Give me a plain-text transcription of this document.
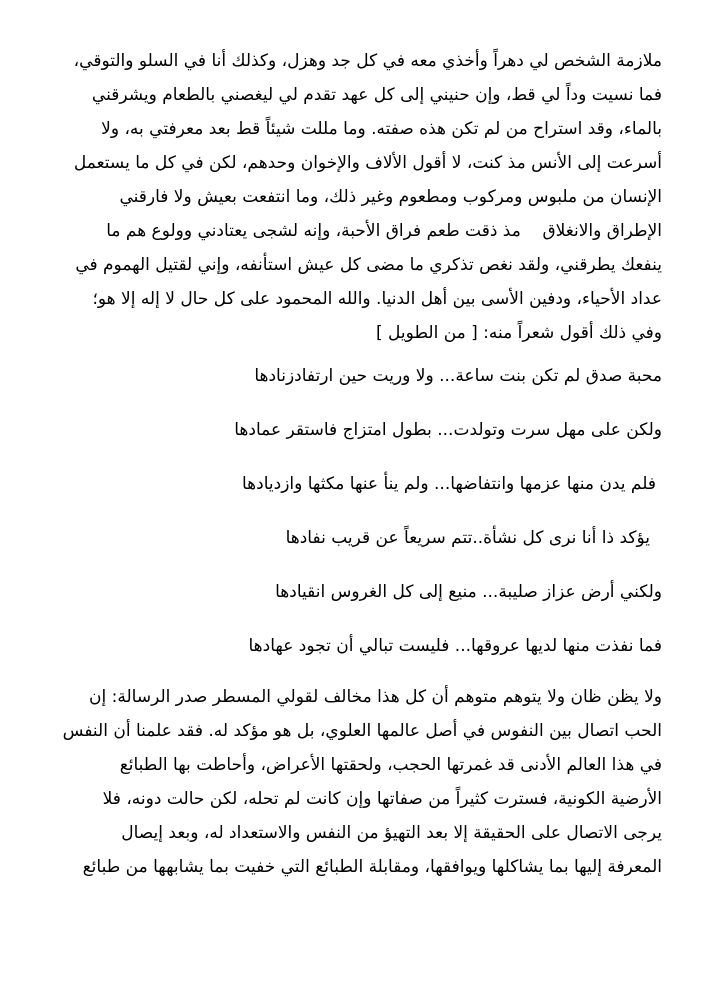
ملازمة الشخص لي دهراً وأخذي معه في كل جد وهزل، وكذلك أنا في السلو والتوقي،
فما نسيت وداً لي قط، وإن حنيني إلى كل عهد تقدم لي ليغصني بالطعام ويشرقني
بالماء، وقد استراح من لم تكن هذه صفته. وما مللت شيئاً قط بعد معرفتي به، ولا
أسرعت إلى الأنس مذ كنت، لا أقول الألاف والإخوان وحدهم، لكن في كل ما يستعمل
الإنسان من ملبوس ومركوب ومطعوم وغير ذلك، وما انتفعت بعيش ولا فارقني
الإطراق والانغلاق    مذ ذقت طعم فراق الأحبة، وإنه لشجى يعتادني وولوع هم ما
ينفعك يطرقني، ولقد نغص تذكري ما مضى كل عيش استأنفه، وإني لقتيل الهموم في
عداد الأحياء، ودفين الأسى بين أهل الدنيا. والله المحمود على كل حال لا إله إلا هو؛
وفي ذلك أقول شعراً منه: [ من الطويل ]

محبة صدق لم تكن بنت ساعة... ولا وريت حين ارتفادزنادها
ولكن على مهل سرت وتولدت... بطول امتزاج فاستقر عمادها
فلم يدن منها عزمها وانتفاضها... ولم ينأ عنها مكثها وازديادها
يؤكد ذا أنا نرى كل نشأة..تتم سريعاً عن قريب نفادها
ولكني أرض عزاز صليبة... منيع إلى كل الغروس انقيادها
فما نفذت منها لديها عروقها... فليست تبالي أن تجود عهادها

ولا يظن ظان ولا يتوهم متوهم أن كل هذا مخالف لقولي المسطر صدر الرسالة: إن
الحب اتصال بين النفوس في أصل عالمها العلوي، بل هو مؤكد له. فقد علمنا أن النفس
في هذا العالم الأدنى قد غمرتها الحجب، ولحقتها الأعراض، وأحاطت بها الطبائع
الأرضية الكونية، فسترت كثيراً من صفاتها وإن كانت لم تحله، لكن حالت دونه، فلا
يرجى الاتصال على الحقيقة إلا بعد التهيؤ من النفس والاستعداد له، وبعد إيصال
المعرفة إليها بما يشاكلها ويوافقها، ومقابلة الطبائع التي خفيت بما يشابهها من طبائع
